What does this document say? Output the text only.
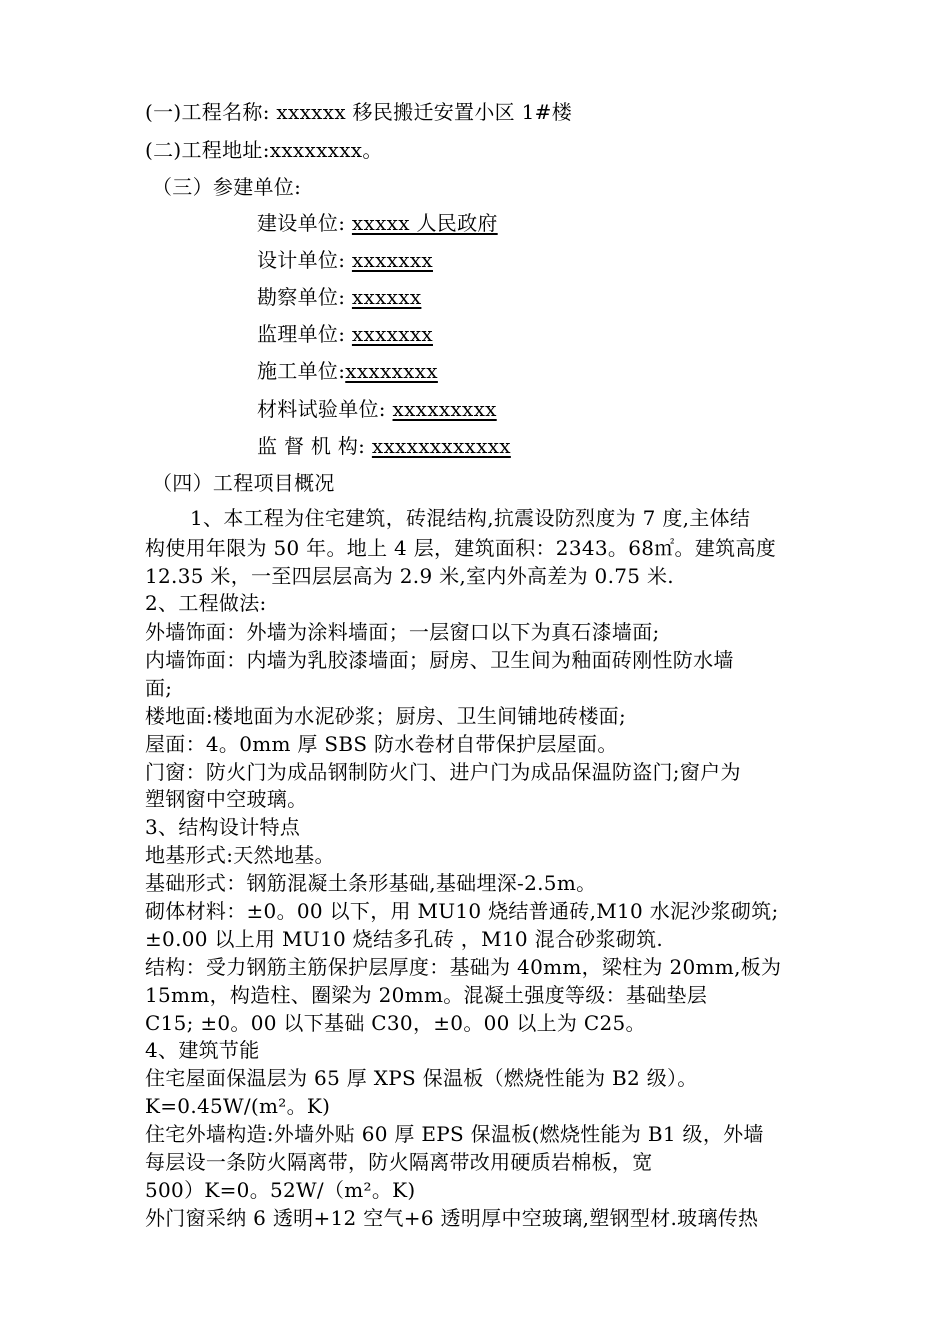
(一)工程名称: xxxxxx 移民搬迁安置小区 1#楼
(二)工程地址:xxxxxxxx。
（三）参建单位:
建设单位: xxxxx 人民政府
设计单位: xxxxxxx
勘察单位: xxxxxx
监理单位: xxxxxxx
施工单位:xxxxxxxx
材料试验单位: xxxxxxxxx
监 督 机 构: xxxxxxxxxxxx
（四）工程项目概况
1、本工程为住宅建筑，砖混结构,抗震设防烈度为 7 度,主体结
构使用年限为 50 年。地上 4 层，建筑面积：2343。68㎡。建筑高度
12.35 米，一至四层层高为 2.9 米,室内外高差为 0.75 米.
2、工程做法:
外墙饰面：外墙为涂料墙面；一层窗口以下为真石漆墙面;
内墙饰面：内墙为乳胶漆墙面；厨房、卫生间为釉面砖刚性防水墙
面;
楼地面:楼地面为水泥砂浆；厨房、卫生间铺地砖楼面;
屋面：4。0mm 厚 SBS 防水卷材自带保护层屋面。
门窗：防火门为成品钢制防火门、进户门为成品保温防盗门;窗户为
塑钢窗中空玻璃。
3、结构设计特点
地基形式:天然地基。
基础形式：钢筋混凝土条形基础,基础埋深-2.5m。
砌体材料：±0。00 以下，用 MU10 烧结普通砖,M10 水泥沙浆砌筑;
±0.00 以上用 MU10 烧结多孔砖 ，M10 混合砂浆砌筑.
结构：受力钢筋主筋保护层厚度：基础为 40mm，梁柱为 20mm,板为
15mm，构造柱、圈梁为 20mm。混凝土强度等级：基础垫层
C15; ±0。00 以下基础 C30，±0。00 以上为 C25。
4、建筑节能
住宅屋面保温层为 65 厚 XPS 保温板（燃烧性能为 B2 级）。
K=0.45W/(m²。K)
住宅外墙构造:外墙外贴 60 厚 EPS 保温板(燃烧性能为 B1 级，外墙
每层设一条防火隔离带，防火隔离带改用硬质岩棉板，宽
500）K=0。52W/（m²。K)
外门窗采纳 6 透明+12 空气+6 透明厚中空玻璃,塑钢型材.玻璃传热
